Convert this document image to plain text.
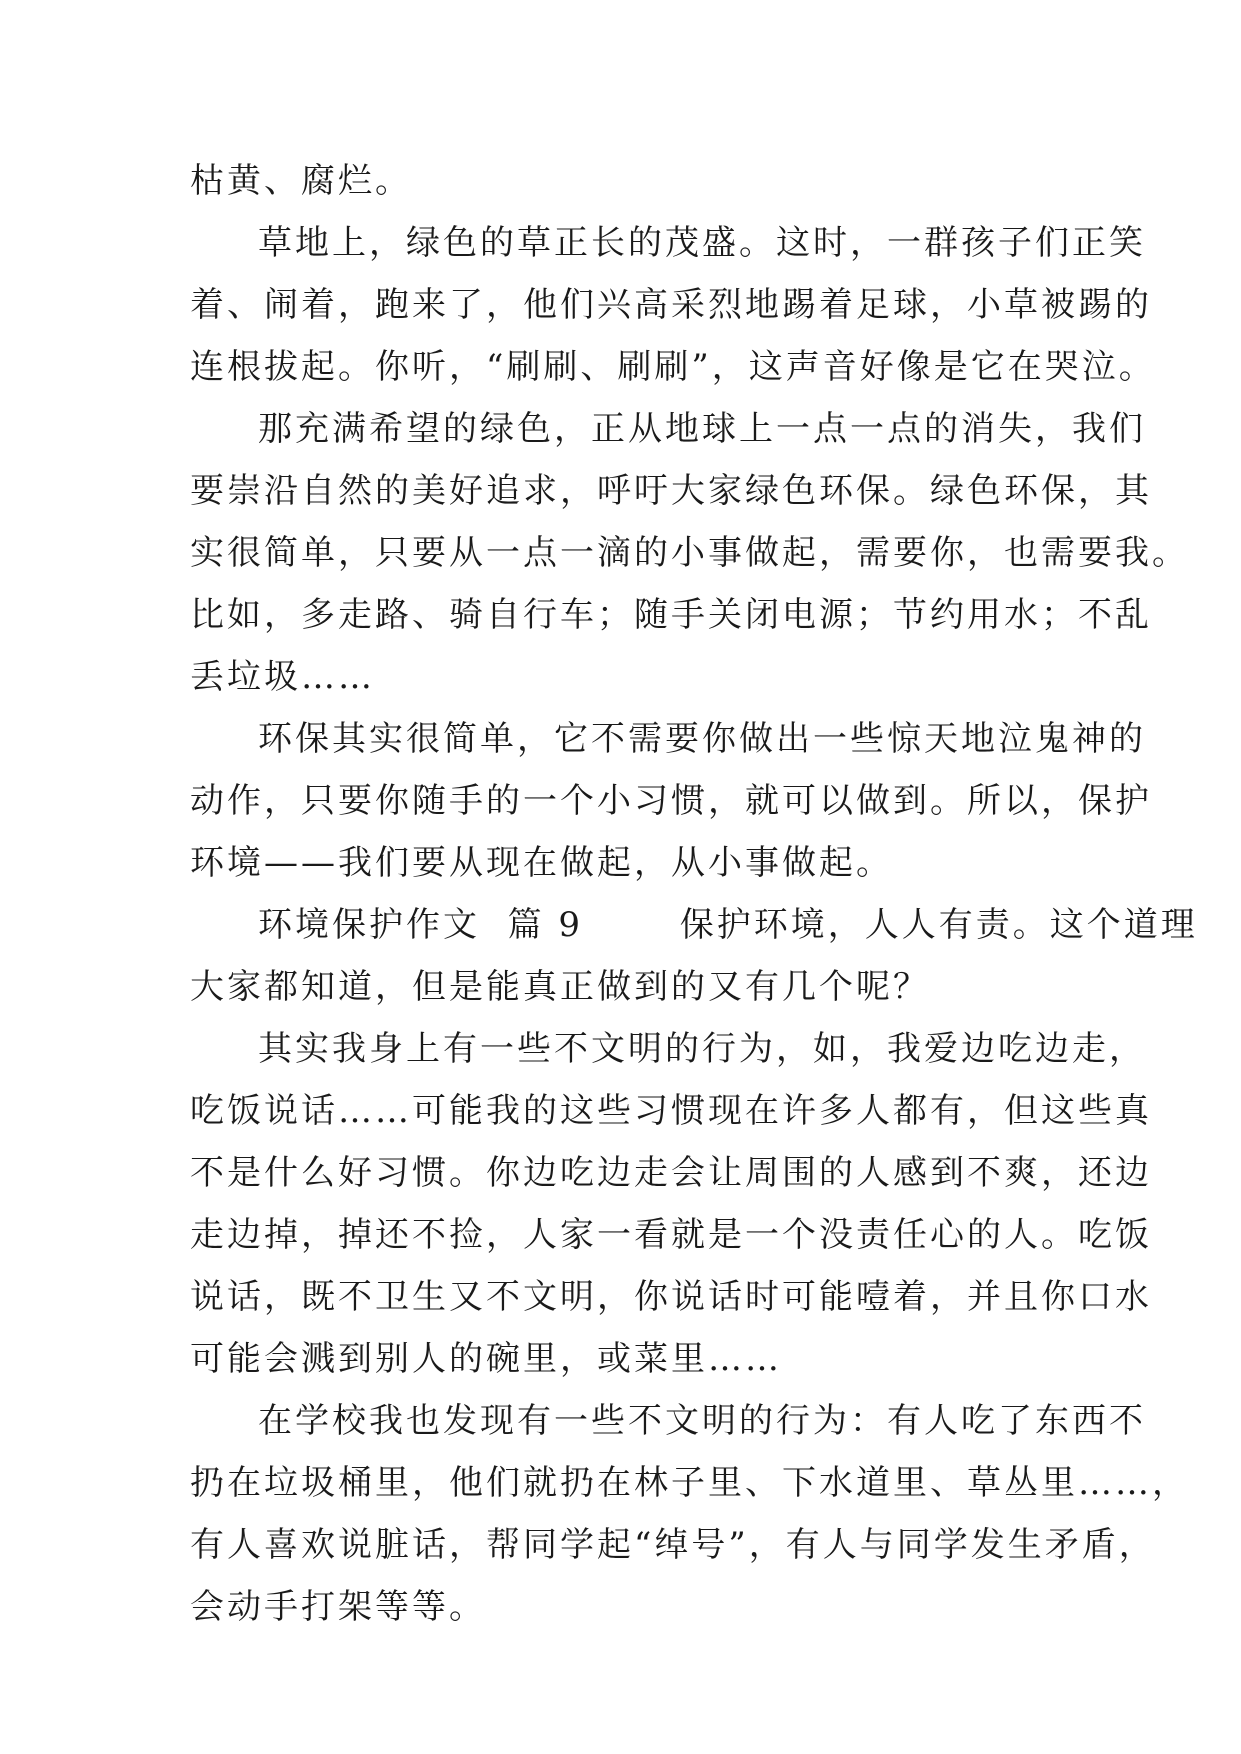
枯黄、腐烂。
草地上，绿色的草正长的茂盛。这时，一群孩子们正笑
着、闹着，跑来了，他们兴高采烈地踢着足球，小草被踢的
连根拔起。你听，“刷刷、刷刷”，这声音好像是它在哭泣。
那充满希望的绿色，正从地球上一点一点的消失，我们
要崇沿自然的美好追求，呼吁大家绿色环保。绿色环保，其
实很简单，只要从一点一滴的小事做起，需要你，也需要我。
比如，多走路、骑自行车；随手关闭电源；节约用水；不乱
丢垃圾……
环保其实很简单，它不需要你做出一些惊天地泣鬼神的
动作，只要你随手的一个小习惯，就可以做到。所以，保护
环境——我们要从现在做起，从小事做起。
环境保护作文  篇 9       保护环境，人人有责。这个道理
大家都知道，但是能真正做到的又有几个呢？
其实我身上有一些不文明的行为，如，我爱边吃边走，
吃饭说话……可能我的这些习惯现在许多人都有，但这些真
不是什么好习惯。你边吃边走会让周围的人感到不爽，还边
走边掉，掉还不捡，人家一看就是一个没责任心的人。吃饭
说话，既不卫生又不文明，你说话时可能噎着，并且你口水
可能会溅到别人的碗里，或菜里……
在学校我也发现有一些不文明的行为：有人吃了东西不
扔在垃圾桶里，他们就扔在林子里、下水道里、草丛里……，
有人喜欢说脏话，帮同学起“绰号”，有人与同学发生矛盾，
会动手打架等等。
